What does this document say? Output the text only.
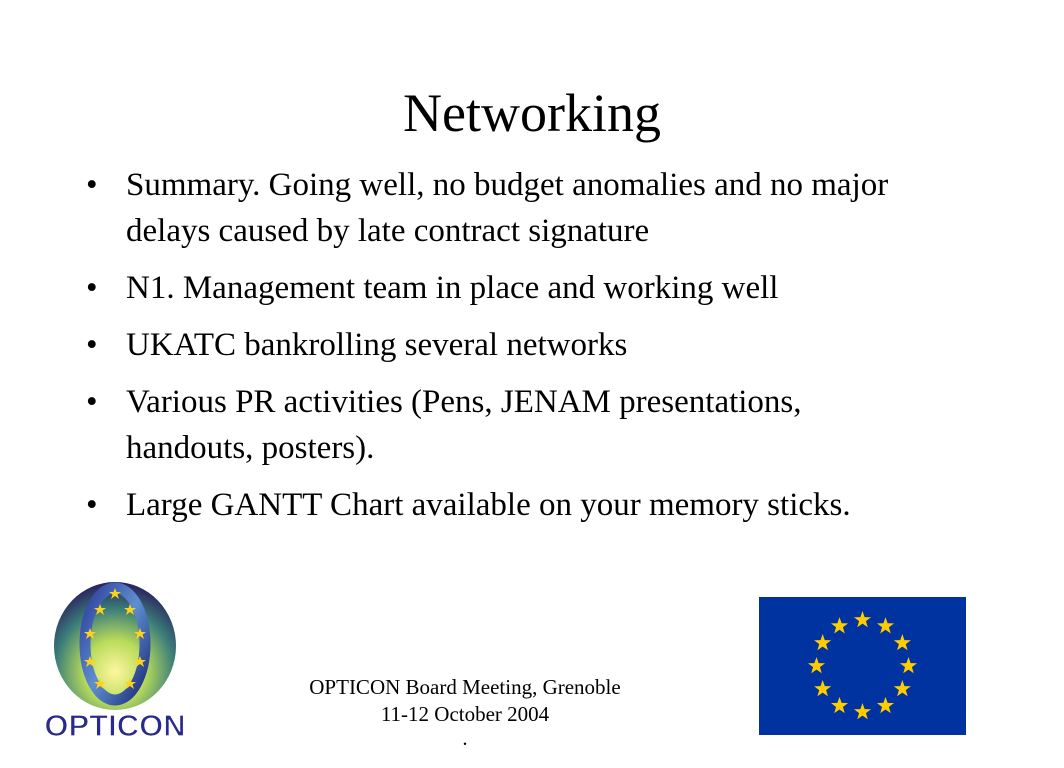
Networking
• Summary. Going well, no budget anomalies and no major delays caused by late contract signature
• N1. Management team in place and working well
• UKATC bankrolling several networks
• Various PR activities (Pens, JENAM presentations, handouts, posters).
• Large GANTT Chart available on your memory sticks.
OPTICON
OPTICON Board Meeting, Grenoble
11-12 October 2004
.
